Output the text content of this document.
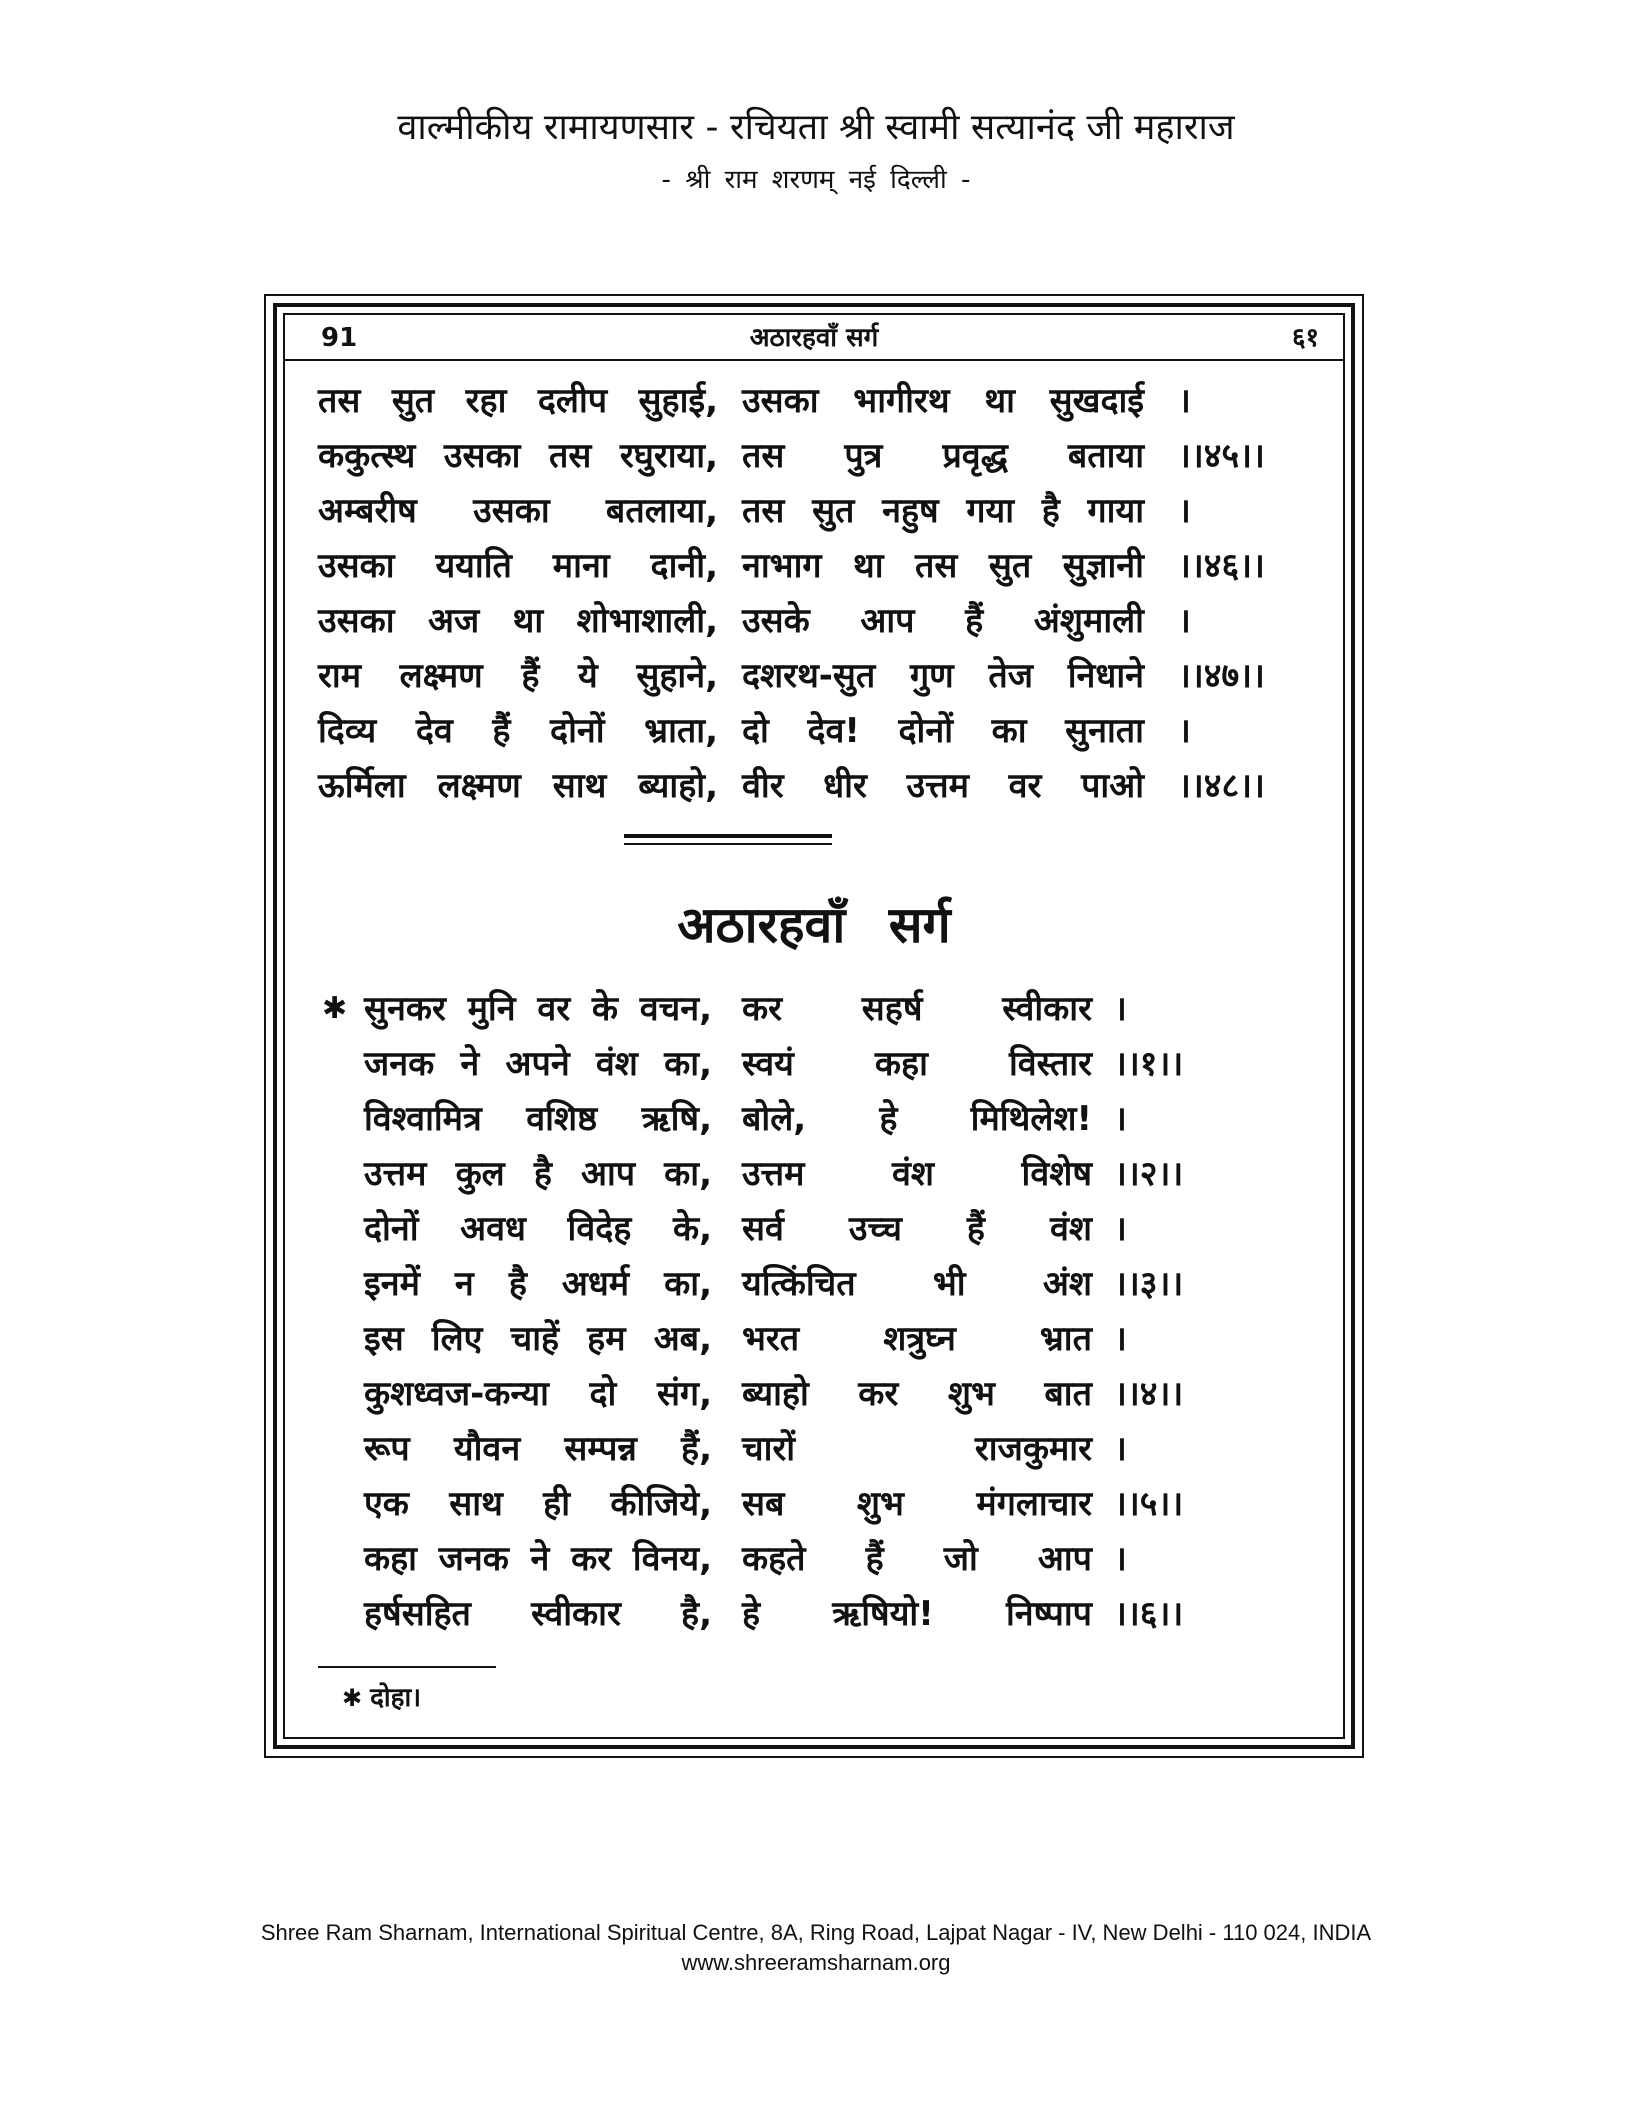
वाल्मीकीय रामायणसार - रचियता श्री स्वामी सत्यानंद जी महाराज
- श्री राम शरणम् नई दिल्ली -
अठारहवाँ सर्ग
91	६१
तस सुत रहा दलीप सुहाई, उसका भागीरथ था सुखदाई ।
ककुत्स्थ उसका तस रघुराया, तस पुत्र प्रवृद्ध बताया ।।४५।।
अम्बरीष उसका बतलाया, तस सुत नहुष गया है गाया ।
उसका ययाति माना दानी, नाभाग था तस सुत सुज्ञानी ।।४६।।
उसका अज था शोभाशाली, उसके आप हैं अंशुमाली ।
राम लक्ष्मण हैं ये सुहाने, दशरथ-सुत गुण तेज निधाने ।।४७।।
दिव्य देव हैं दोनों भ्राता, दो देव! दोनों का सुनाता ।
ऊर्मिला लक्ष्मण साथ ब्याहो, वीर धीर उत्तम वर पाओ ।।४८।।
अठारहवाँ सर्ग
✱ सुनकर मुनि वर के वचन, कर सहर्ष स्वीकार ।
जनक ने अपने वंश का, स्वयं कहा विस्तार ।।१।।
विश्वामित्र वशिष्ठ ऋषि, बोले, हे मिथिलेश! ।
उत्तम कुल है आप का, उत्तम वंश विशेष ।।२।।
दोनों अवध विदेह के, सर्व उच्च हैं वंश ।
इनमें न है अधर्म का, यत्किंचित भी अंश ।।३।।
इस लिए चाहें हम अब, भरत शत्रुघ्न भ्रात ।
कुशध्वज-कन्या दो संग, ब्याहो कर शुभ बात ।।४।।
रूप यौवन सम्पन्न हैं, चारों राजकुमार ।
एक साथ ही कीजिये, सब शुभ मंगलाचार ।।५।।
कहा जनक ने कर विनय, कहते हैं जो आप ।
हर्षसहित स्वीकार है, हे ऋषियो! निष्पाप ।।६।।
✱ दोहा।
Shree Ram Sharnam, International Spiritual Centre, 8A, Ring Road, Lajpat Nagar - IV, New Delhi - 110 024, INDIA
www.shreeramsharnam.org
